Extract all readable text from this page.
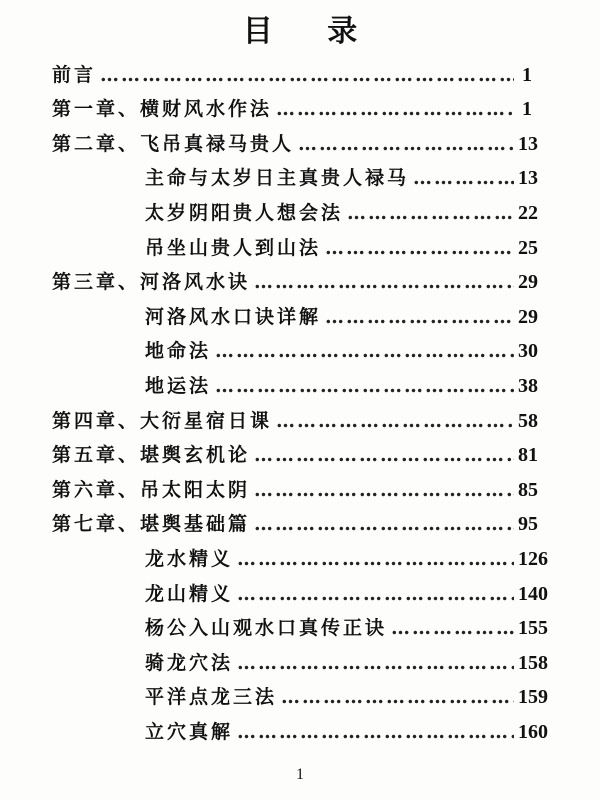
目 录
前言 …………………………………………………………………………………………	1
第一章、横财风水作法 …………………………………………………………………………………………	1
第二章、飞吊真禄马贵人 …………………………………………………………………………………………	13
主命与太岁日主真贵人禄马 …………………………………………………………………………………………	13
太岁阴阳贵人想会法 …………………………………………………………………………………………	22
吊坐山贵人到山法 …………………………………………………………………………………………	25
第三章、河洛风水诀 …………………………………………………………………………………………	29
河洛风水口诀详解 …………………………………………………………………………………………	29
地命法 …………………………………………………………………………………………	30
地运法 …………………………………………………………………………………………	38
第四章、大衍星宿日课 …………………………………………………………………………………………	58
第五章、堪舆玄机论 …………………………………………………………………………………………	81
第六章、吊太阳太阴 …………………………………………………………………………………………	85
第七章、堪舆基础篇 …………………………………………………………………………………………	95
龙水精义 …………………………………………………………………………………………	126
龙山精义 …………………………………………………………………………………………	140
杨公入山观水口真传正诀 …………………………………………………………………………………………	155
骑龙穴法 …………………………………………………………………………………………	158
平洋点龙三法 …………………………………………………………………………………………	159
立穴真解 …………………………………………………………………………………………	160
1
